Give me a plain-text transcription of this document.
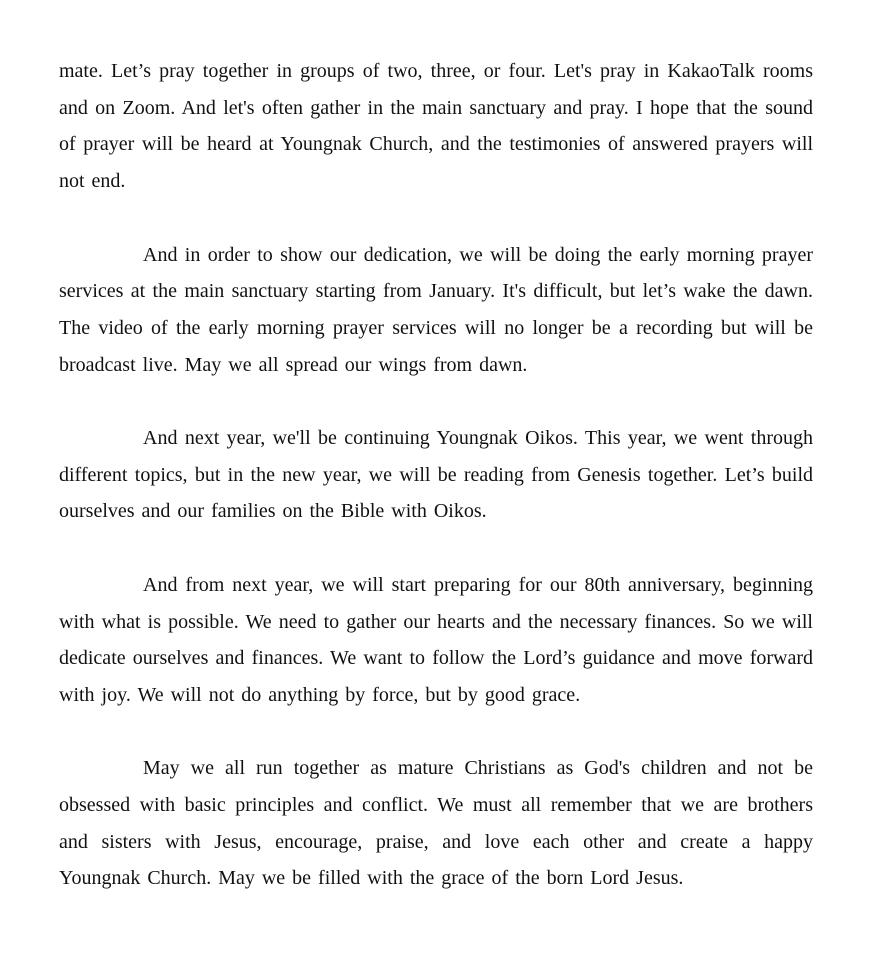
mate. Let’s pray together in groups of two, three, or four. Let's pray in KakaoTalk rooms and on Zoom. And let's often gather in the main sanctuary and pray. I hope that the sound of prayer will be heard at Youngnak Church, and the testimonies of answered prayers will not end.

And in order to show our dedication, we will be doing the early morning prayer services at the main sanctuary starting from January. It's difficult, but let’s wake the dawn. The video of the early morning prayer services will no longer be a recording but will be broadcast live. May we all spread our wings from dawn.

And next year, we'll be continuing Youngnak Oikos. This year, we went through different topics, but in the new year, we will be reading from Genesis together. Let’s build ourselves and our families on the Bible with Oikos.

And from next year, we will start preparing for our 80th anniversary, beginning with what is possible. We need to gather our hearts and the necessary finances. So we will dedicate ourselves and finances. We want to follow the Lord’s guidance and move forward with joy. We will not do anything by force, but by good grace.

May we all run together as mature Christians as God's children and not be obsessed with basic principles and conflict. We must all remember that we are brothers and sisters with Jesus, encourage, praise, and love each other and create a happy Youngnak Church. May we be filled with the grace of the born Lord Jesus.
